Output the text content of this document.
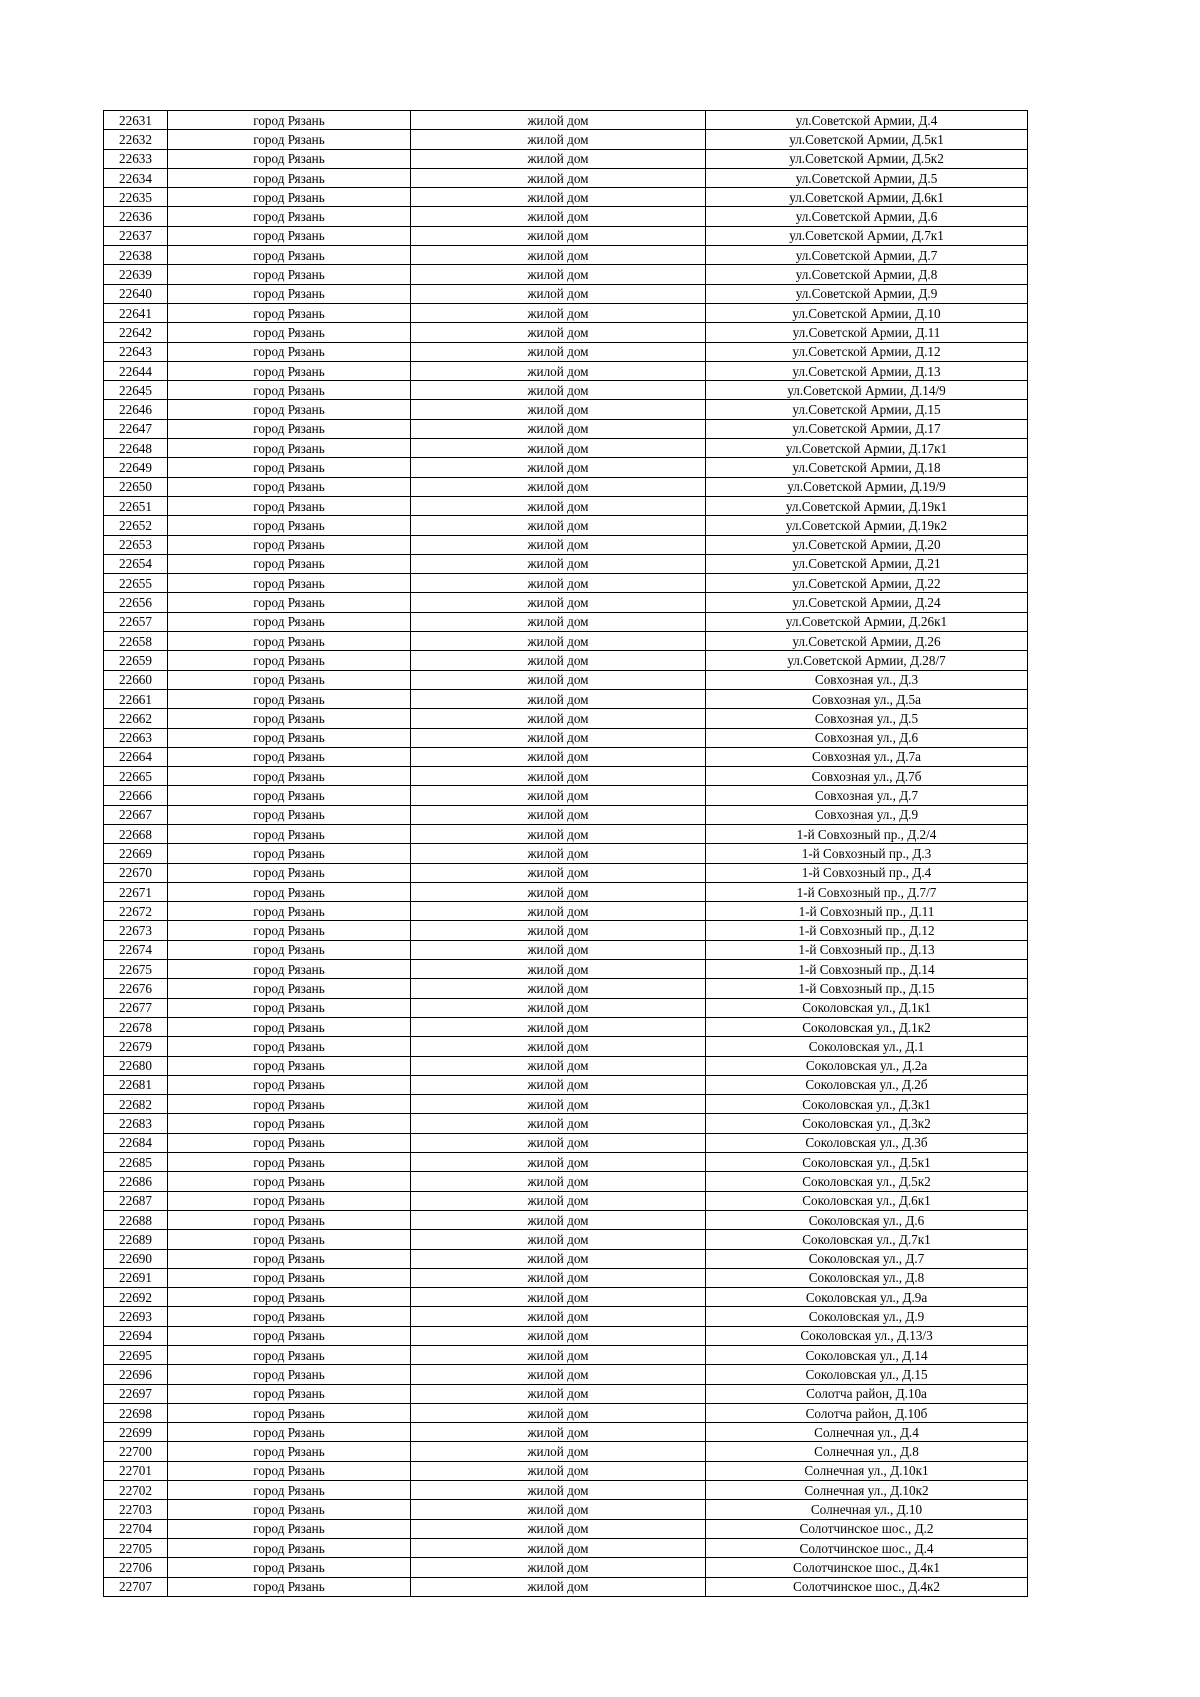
22631	город Рязань	жилой дом	ул.Советской Армии, Д.4
22632	город Рязань	жилой дом	ул.Советской Армии, Д.5к1
22633	город Рязань	жилой дом	ул.Советской Армии, Д.5к2
22634	город Рязань	жилой дом	ул.Советской Армии, Д.5
22635	город Рязань	жилой дом	ул.Советской Армии, Д.6к1
22636	город Рязань	жилой дом	ул.Советской Армии, Д.6
22637	город Рязань	жилой дом	ул.Советской Армии, Д.7к1
22638	город Рязань	жилой дом	ул.Советской Армии, Д.7
22639	город Рязань	жилой дом	ул.Советской Армии, Д.8
22640	город Рязань	жилой дом	ул.Советской Армии, Д.9
22641	город Рязань	жилой дом	ул.Советской Армии, Д.10
22642	город Рязань	жилой дом	ул.Советской Армии, Д.11
22643	город Рязань	жилой дом	ул.Советской Армии, Д.12
22644	город Рязань	жилой дом	ул.Советской Армии, Д.13
22645	город Рязань	жилой дом	ул.Советской Армии, Д.14/9
22646	город Рязань	жилой дом	ул.Советской Армии, Д.15
22647	город Рязань	жилой дом	ул.Советской Армии, Д.17
22648	город Рязань	жилой дом	ул.Советской Армии, Д.17к1
22649	город Рязань	жилой дом	ул.Советской Армии, Д.18
22650	город Рязань	жилой дом	ул.Советской Армии, Д.19/9
22651	город Рязань	жилой дом	ул.Советской Армии, Д.19к1
22652	город Рязань	жилой дом	ул.Советской Армии, Д.19к2
22653	город Рязань	жилой дом	ул.Советской Армии, Д.20
22654	город Рязань	жилой дом	ул.Советской Армии, Д.21
22655	город Рязань	жилой дом	ул.Советской Армии, Д.22
22656	город Рязань	жилой дом	ул.Советской Армии, Д.24
22657	город Рязань	жилой дом	ул.Советской Армии, Д.26к1
22658	город Рязань	жилой дом	ул.Советской Армии, Д.26
22659	город Рязань	жилой дом	ул.Советской Армии, Д.28/7
22660	город Рязань	жилой дом	Совхозная ул., Д.3
22661	город Рязань	жилой дом	Совхозная ул., Д.5а
22662	город Рязань	жилой дом	Совхозная ул., Д.5
22663	город Рязань	жилой дом	Совхозная ул., Д.6
22664	город Рязань	жилой дом	Совхозная ул., Д.7а
22665	город Рязань	жилой дом	Совхозная ул., Д.7б
22666	город Рязань	жилой дом	Совхозная ул., Д.7
22667	город Рязань	жилой дом	Совхозная ул., Д.9
22668	город Рязань	жилой дом	1-й Совхозный пр., Д.2/4
22669	город Рязань	жилой дом	1-й Совхозный пр., Д.3
22670	город Рязань	жилой дом	1-й Совхозный пр., Д.4
22671	город Рязань	жилой дом	1-й Совхозный пр., Д.7/7
22672	город Рязань	жилой дом	1-й Совхозный пр., Д.11
22673	город Рязань	жилой дом	1-й Совхозный пр., Д.12
22674	город Рязань	жилой дом	1-й Совхозный пр., Д.13
22675	город Рязань	жилой дом	1-й Совхозный пр., Д.14
22676	город Рязань	жилой дом	1-й Совхозный пр., Д.15
22677	город Рязань	жилой дом	Соколовская ул., Д.1к1
22678	город Рязань	жилой дом	Соколовская ул., Д.1к2
22679	город Рязань	жилой дом	Соколовская ул., Д.1
22680	город Рязань	жилой дом	Соколовская ул., Д.2а
22681	город Рязань	жилой дом	Соколовская ул., Д.2б
22682	город Рязань	жилой дом	Соколовская ул., Д.3к1
22683	город Рязань	жилой дом	Соколовская ул., Д.3к2
22684	город Рязань	жилой дом	Соколовская ул., Д.3б
22685	город Рязань	жилой дом	Соколовская ул., Д.5к1
22686	город Рязань	жилой дом	Соколовская ул., Д.5к2
22687	город Рязань	жилой дом	Соколовская ул., Д.6к1
22688	город Рязань	жилой дом	Соколовская ул., Д.6
22689	город Рязань	жилой дом	Соколовская ул., Д.7к1
22690	город Рязань	жилой дом	Соколовская ул., Д.7
22691	город Рязань	жилой дом	Соколовская ул., Д.8
22692	город Рязань	жилой дом	Соколовская ул., Д.9а
22693	город Рязань	жилой дом	Соколовская ул., Д.9
22694	город Рязань	жилой дом	Соколовская ул., Д.13/3
22695	город Рязань	жилой дом	Соколовская ул., Д.14
22696	город Рязань	жилой дом	Соколовская ул., Д.15
22697	город Рязань	жилой дом	Солотча район, Д.10а
22698	город Рязань	жилой дом	Солотча район, Д.10б
22699	город Рязань	жилой дом	Солнечная ул., Д.4
22700	город Рязань	жилой дом	Солнечная ул., Д.8
22701	город Рязань	жилой дом	Солнечная ул., Д.10к1
22702	город Рязань	жилой дом	Солнечная ул., Д.10к2
22703	город Рязань	жилой дом	Солнечная ул., Д.10
22704	город Рязань	жилой дом	Солотчинское шос., Д.2
22705	город Рязань	жилой дом	Солотчинское шос., Д.4
22706	город Рязань	жилой дом	Солотчинское шос., Д.4к1
22707	город Рязань	жилой дом	Солотчинское шос., Д.4к2
